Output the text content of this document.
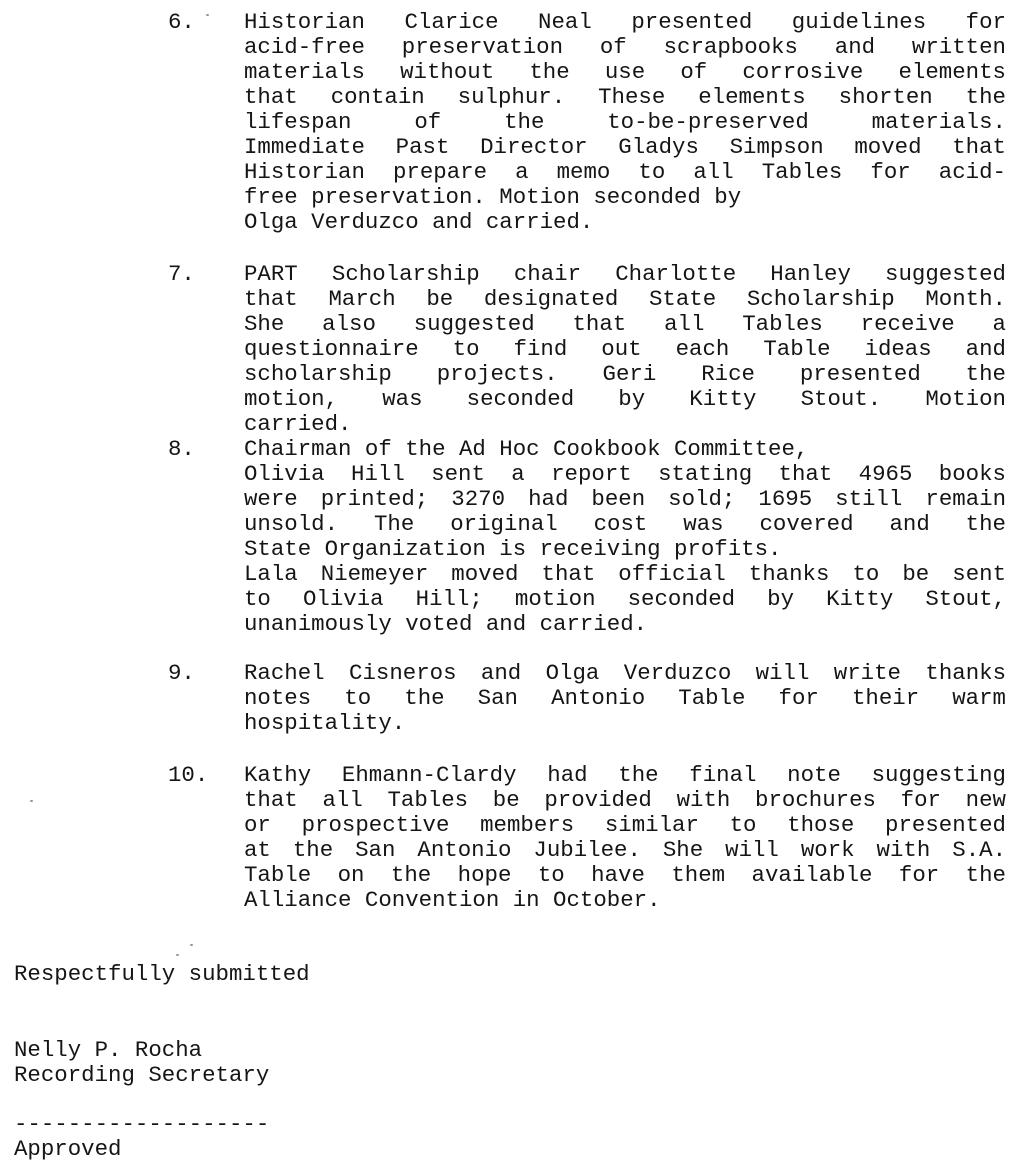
6. Historian Clarice Neal presented guidelines for
acid-free preservation of scrapbooks and written
materials without the use of corrosive elements
that contain sulphur. These elements shorten the
lifespan of the to-be-preserved materials.
Immediate Past Director Gladys Simpson moved that
Historian prepare a memo to all Tables for acid-
free preservation. Motion seconded by
Olga Verduzco and carried.
7. PART Scholarship chair Charlotte Hanley suggested
that March be designated State Scholarship Month.
She also suggested that all Tables receive a
questionnaire to find out each Table ideas and
scholarship projects. Geri Rice presented the
motion, was seconded by Kitty Stout. Motion
carried.
8. Chairman of the Ad Hoc Cookbook Committee,
Olivia Hill sent a report stating that 4965 books
were printed; 3270 had been sold; 1695 still remain
unsold. The original cost was covered and the
State Organization is receiving profits.
Lala Niemeyer moved that official thanks to be sent
to Olivia Hill; motion seconded by Kitty Stout,
unanimously voted and carried.
9. Rachel Cisneros and Olga Verduzco will write thanks
notes to the San Antonio Table for their warm
hospitality.
10. Kathy Ehmann-Clardy had the final note suggesting
that all Tables be provided with brochures for new
or prospective members similar to those presented
at the San Antonio Jubilee. She will work with S.A.
Table on the hope to have them available for the
Alliance Convention in October.
Respectfully submitted
Nelly P. Rocha
Recording Secretary
-------------------
Approved
